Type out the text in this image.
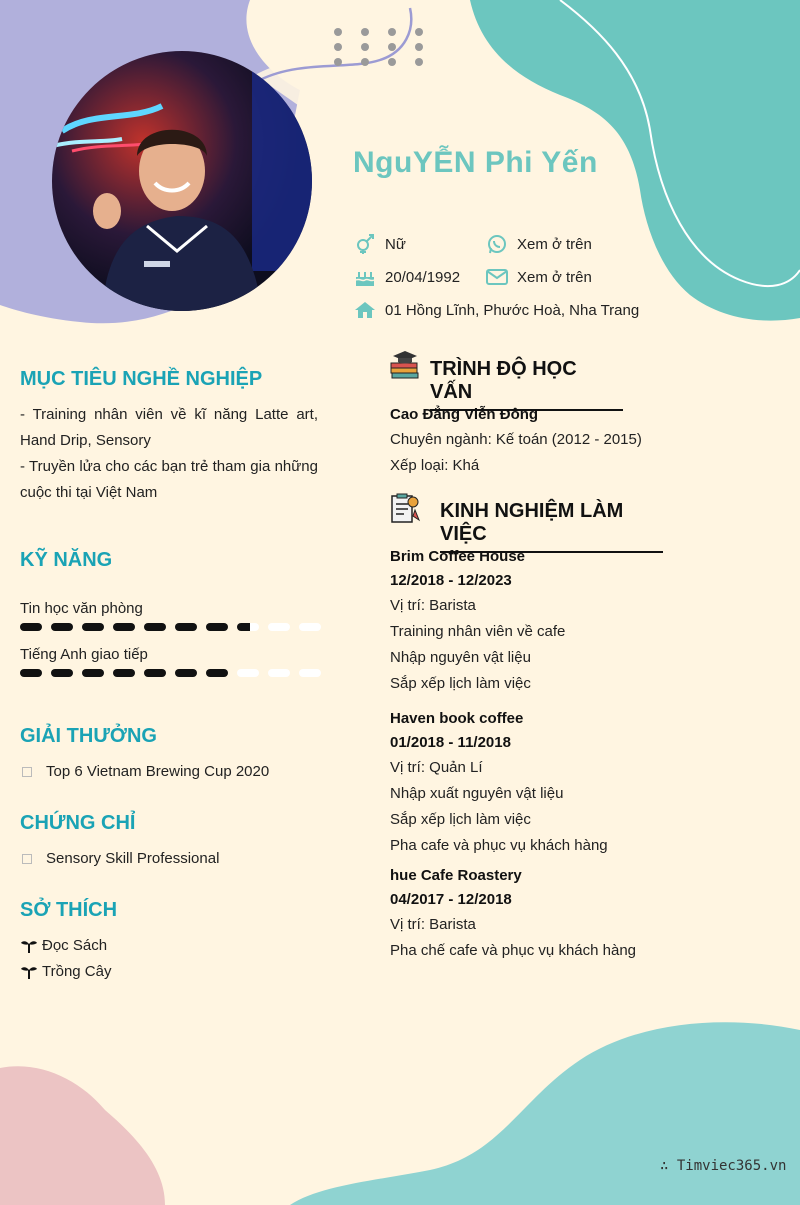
NguYỄN Phi Yến
Nữ
20/04/1992
01 Hồng Lĩnh, Phước Hoà, Nha Trang
Xem ở trên
Xem ở trên
MỤC TIÊU NGHỀ NGHIỆP
- Training nhân viên về kĩ năng Latte art, Hand Drip, Sensory
- Truyền lửa cho các bạn trẻ tham gia những cuộc thi tại Việt Nam
KỸ NĂNG
Tin học văn phòng
Tiếng Anh giao tiếp
GIẢI THƯỞNG
Top 6 Vietnam Brewing Cup 2020
CHỨNG CHỈ
Sensory Skill Professional
SỞ THÍCH
Đọc Sách
Trồng Cây
TRÌNH ĐỘ HỌC VẤN
Cao Đẳng Viễn Đông
Chuyên ngành: Kế toán (2012 - 2015)
Xếp loại: Khá
KINH NGHIỆM LÀM VIỆC
Brim Coffee House
12/2018 - 12/2023
Vị trí: Barista
Training nhân viên về cafe
Nhập nguyên vật liệu
Sắp xếp lịch làm việc
Haven book coffee
01/2018 - 11/2018
Vị trí: Quản Lí
Nhập xuất nguyên vật liệu
Sắp xếp lịch làm việc
Pha cafe và phục vụ khách hàng
hue Cafe Roastery
04/2017 - 12/2018
Vị trí: Barista
Pha chế cafe và phục vụ khách hàng
∴ Timviec365.vn
